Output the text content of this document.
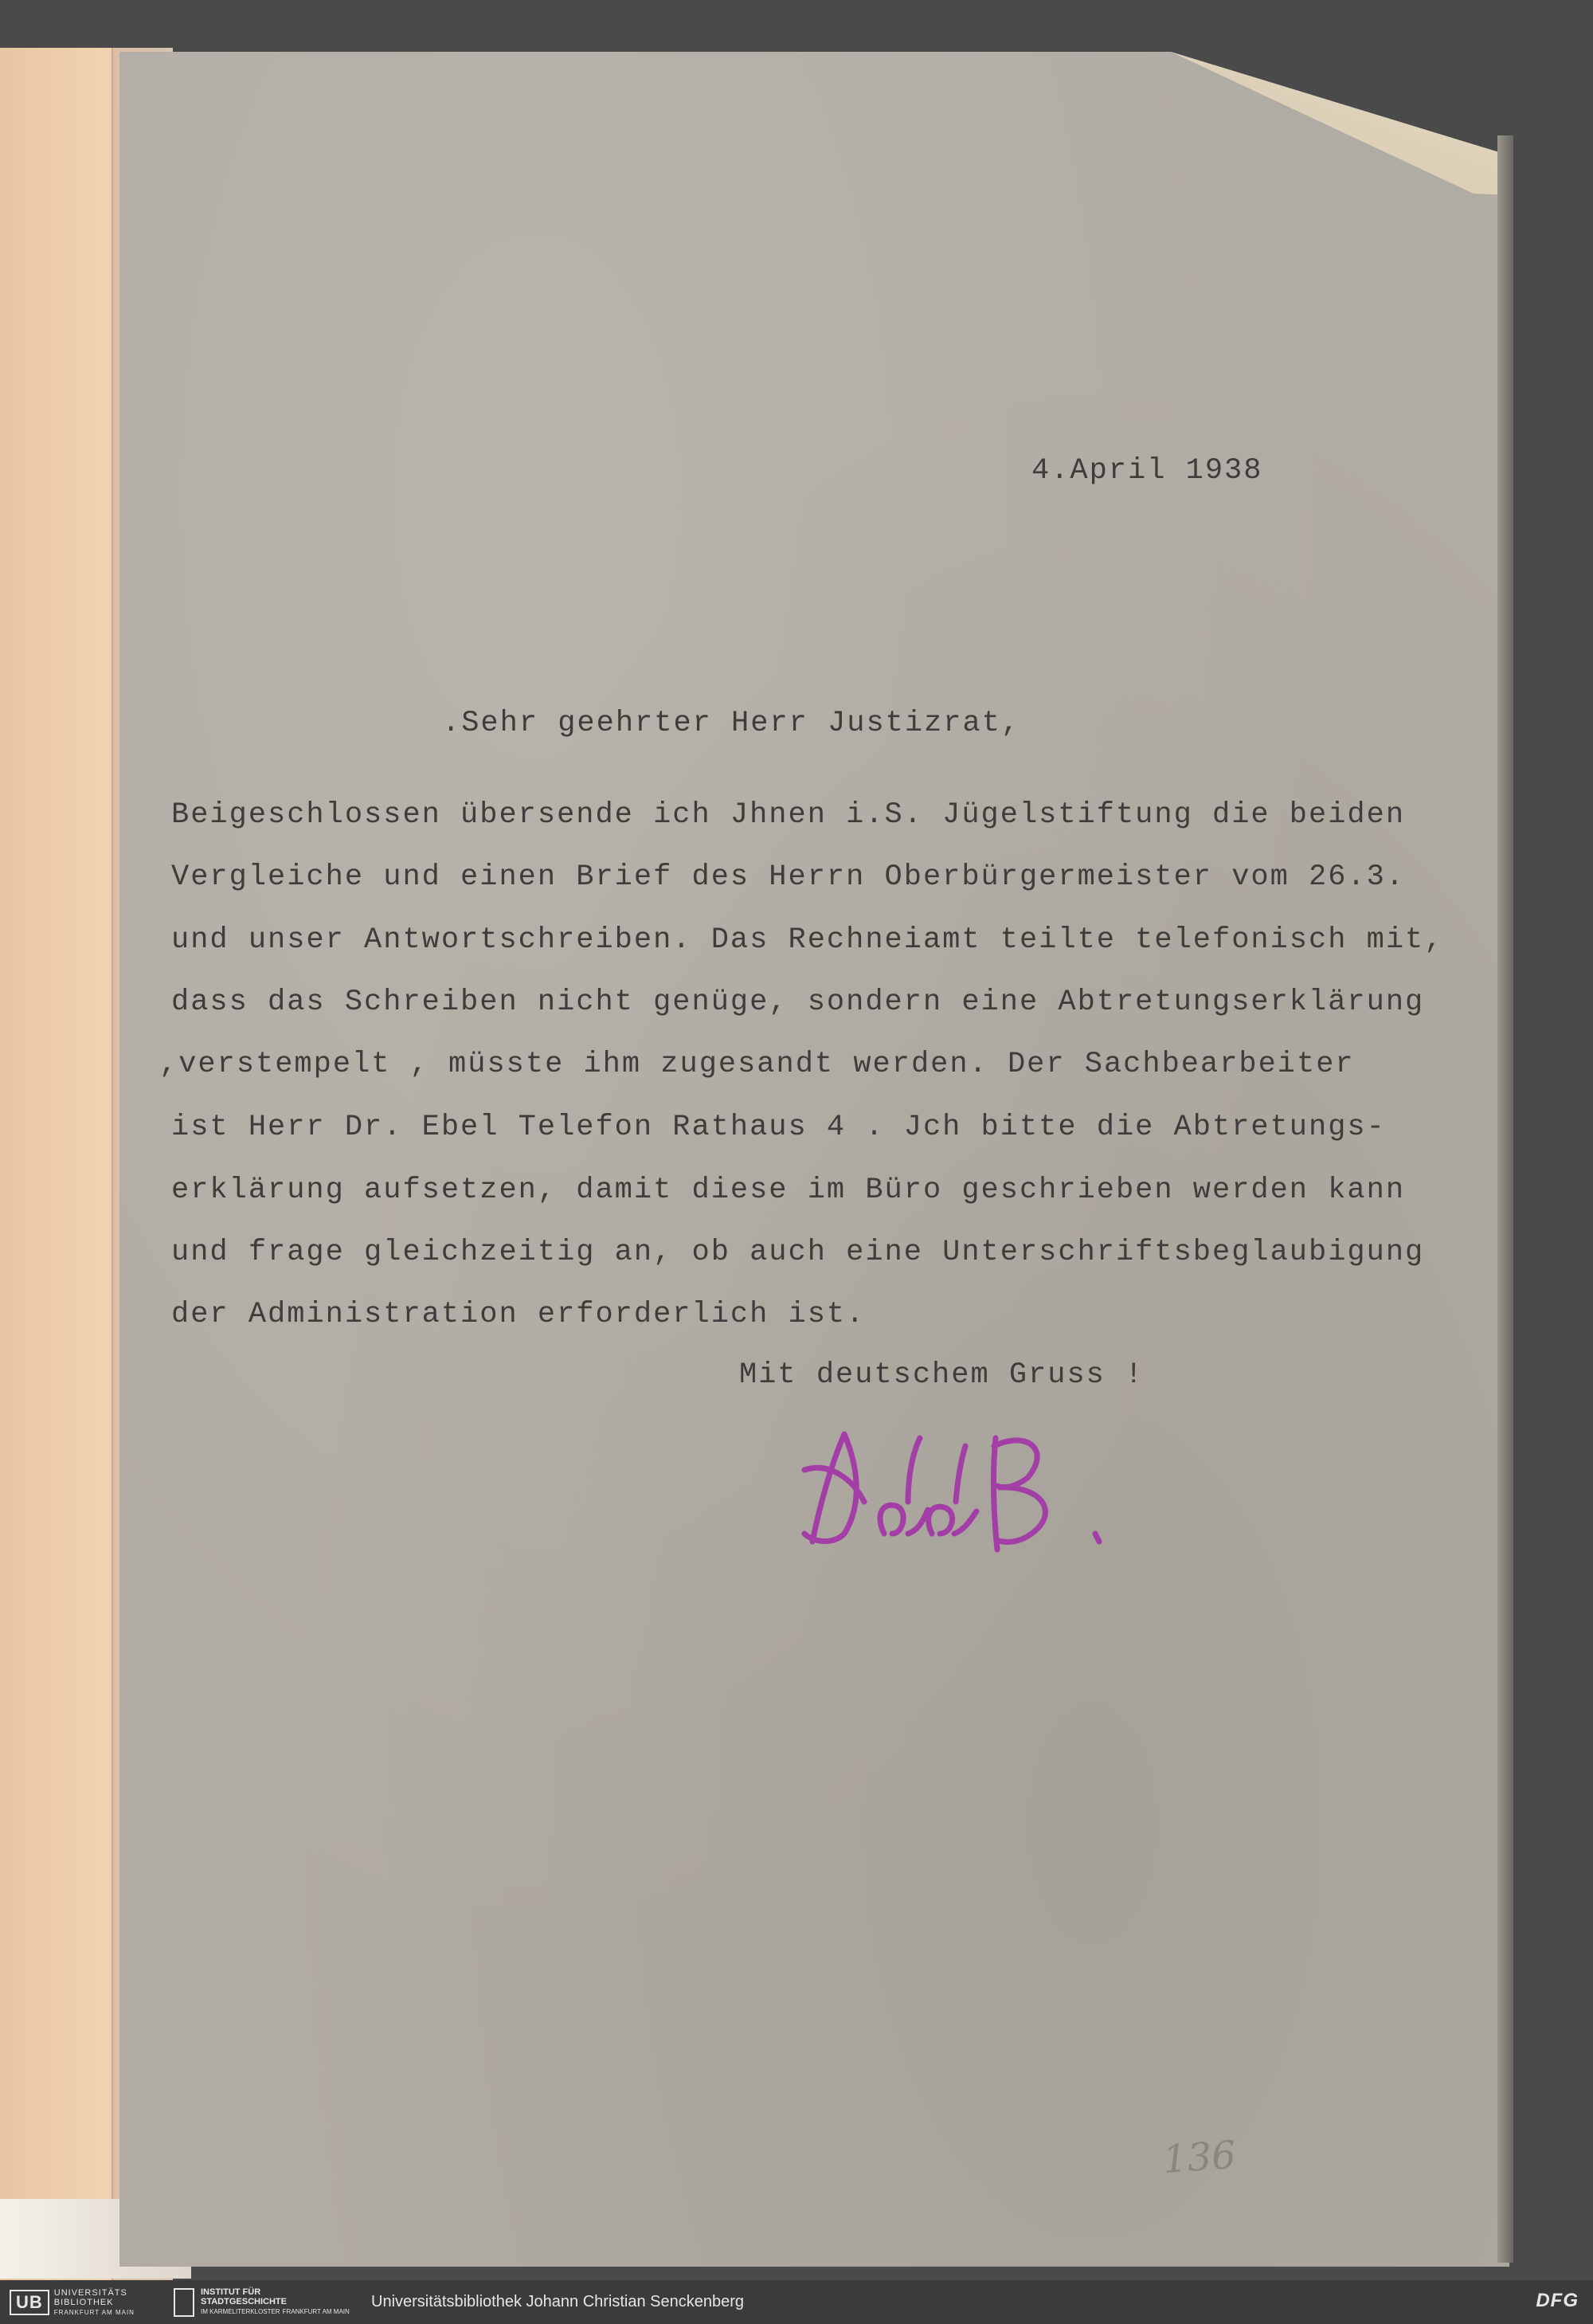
4.April 1938
.Sehr geehrter Herr Justizrat,
Beigeschlossen übersende ich Jhnen i.S. Jügelstiftung die beiden
Vergleiche und einen Brief des Herrn Oberbürgermeister vom 26.3.
und unser Antwortschreiben. Das Rechneiamt teilte telefonisch mit,
dass das Schreiben nicht genüge, sondern eine Abtretungserklärung
,verstempelt , müsste ihm zugesandt werden. Der Sachbearbeiter
ist Herr Dr. Ebel Telefon Rathaus 4 . Jch bitte die Abtretungs-
erklärung aufsetzen, damit diese im Büro geschrieben werden kann
und frage gleichzeitig an, ob auch eine Unterschriftsbeglaubigung
der Administration erforderlich ist.
Mit deutschem Gruss !
136
UB	UNIVERSITÄTS
BIBLIOTHEK
FRANKFURT AM MAIN
INSTITUT FÜR
STADTGESCHICHTE
IM KARMELITERKLOSTER FRANKFURT AM MAIN
Universitätsbibliothek Johann Christian Senckenberg	DFG
